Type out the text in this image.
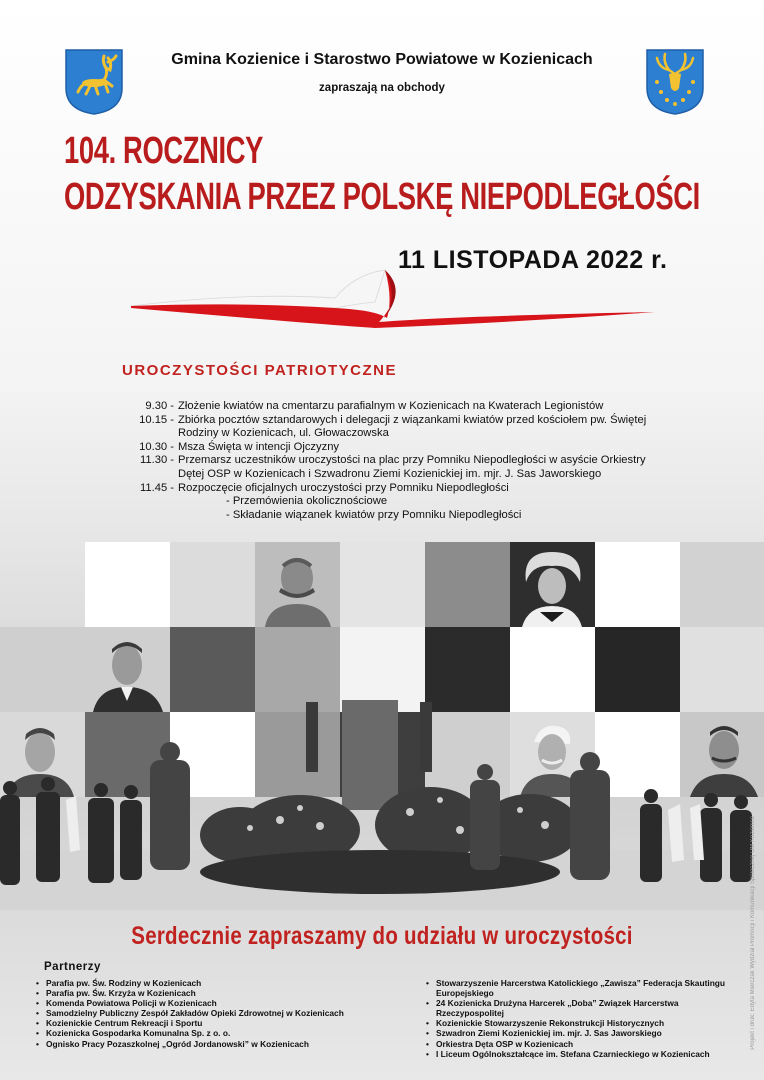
Gmina Kozienice i Starostwo Powiatowe w Kozienicach
zapraszają na obchody
104. ROCZNICY
ODZYSKANIA PRZEZ POLSKĘ NIEPODLEGŁOŚCI
11 LISTOPADA 2022 r.
UROCZYSTOŚCI PATRIOTYCZNE
9.30 - Złożenie kwiatów na cmentarzu parafialnym w Kozienicach na Kwaterach Legionistów
10.15 - Zbiórka pocztów sztandarowych i delegacji z wiązankami kwiatów przed kościołem pw. Świętej
Rodziny w Kozienicach, ul. Głowaczowska
10.30 - Msza Święta w intencji Ojczyzny
11.30 - Przemarsz uczestników uroczystości na plac przy Pomniku Niepodległości w asyście Orkiestry
Dętej OSP w Kozienicach i Szwadronu Ziemi Kozienickiej im. mjr. J. Sas Jaworskiego
11.45 - Rozpoczęcie oficjalnych uroczystości przy Pomniku Niepodległości
- Przemówienia okolicznościowe
- Składanie wiązanek kwiatów przy Pomniku Niepodległości
Serdecznie zapraszamy do udziału w uroczystości
Partnerzy
• Parafia pw. Św. Rodziny w Kozienicach
• Parafia pw. Św. Krzyża w Kozienicach
• Komenda Powiatowa Policji w Kozienicach
• Samodzielny Publiczny Zespół Zakładów Opieki Zdrowotnej w Kozienicach
• Kozienickie Centrum Rekreacji i Sportu
• Kozienicka Gospodarka Komunalna Sp. z o. o.
• Ognisko Pracy Pozaszkolnej „Ogród Jordanowski” w Kozienicach
• Stowarzyszenie Harcerstwa Katolickiego „Zawisza” Federacja Skautingu Europejskiego
• 24 Kozienicka Drużyna Harcerek „Doba” Związek Harcerstwa Rzeczypospolitej
• Kozienickie Stowarzyszenie Rekonstrukcji Historycznych
• Szwadron Ziemi Kozienickiej im. mjr. J. Sas Jaworskiego
• Orkiestra Dęta OSP w Kozienicach
• I Liceum Ogólnokształcące im. Stefana Czarnieckiego w Kozienicach
Projekt i druk: Edyta Mierczak Wydział Promocji i Komunikacji Społecznej UM Kozienice
